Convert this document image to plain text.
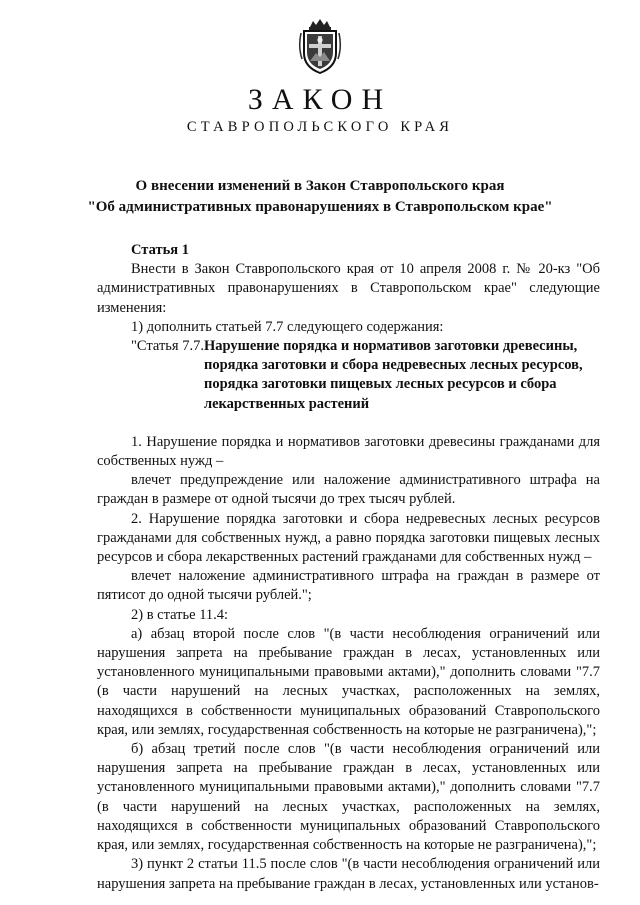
ЗАКОН
СТАВРОПОЛЬСКОГО КРАЯ
О внесении изменений в Закон Ставропольского края
"Об административных правонарушениях в Ставропольском крае"

Статья 1

Внести в Закон Ставропольского края от 10 апреля 2008 г. № 20-кз "Об административных правонарушениях в Ставропольском крае" следующие изменения:

1) дополнить статьей 7.7 следующего содержания:

"Статья 7.7. Нарушение порядка и нормативов заготовки древесины, порядка заготовки и сбора недревесных лесных ресурсов, порядка заготовки пищевых лесных ресурсов и сбора лекарственных растений

1. Нарушение порядка и нормативов заготовки древесины гражданами для собственных нужд –

влечет предупреждение или наложение административного штрафа на граждан в размере от одной тысячи до трех тысяч рублей.

2. Нарушение порядка заготовки и сбора недревесных лесных ресурсов гражданами для собственных нужд, а равно порядка заготовки пищевых лесных ресурсов и сбора лекарственных растений гражданами для собственных нужд –

влечет наложение административного штрафа на граждан в размере от пятисот до одной тысячи рублей.";

2) в статье 11.4:

а) абзац второй после слов "(в части несоблюдения ограничений или нарушения запрета на пребывание граждан в лесах, установленных или установленного муниципальными правовыми актами)," дополнить словами "7.7 (в части нарушений на лесных участках, расположенных на землях, находящихся в собственности муниципальных образований Ставропольского края, или землях, государственная собственность на которые не разграничена),";

б) абзац третий после слов "(в части несоблюдения ограничений или нарушения запрета на пребывание граждан в лесах, установленных или установленного муниципальными правовыми актами)," дополнить словами "7.7 (в части нарушений на лесных участках, расположенных на землях, находящихся в собственности муниципальных образований Ставропольского края, или землях, государственная собственность на которые не разграничена),";

3) пункт 2 статьи 11.5 после слов "(в части несоблюдения ограничений или нарушения запрета на пребывание граждан в лесах, установленных или установ-
